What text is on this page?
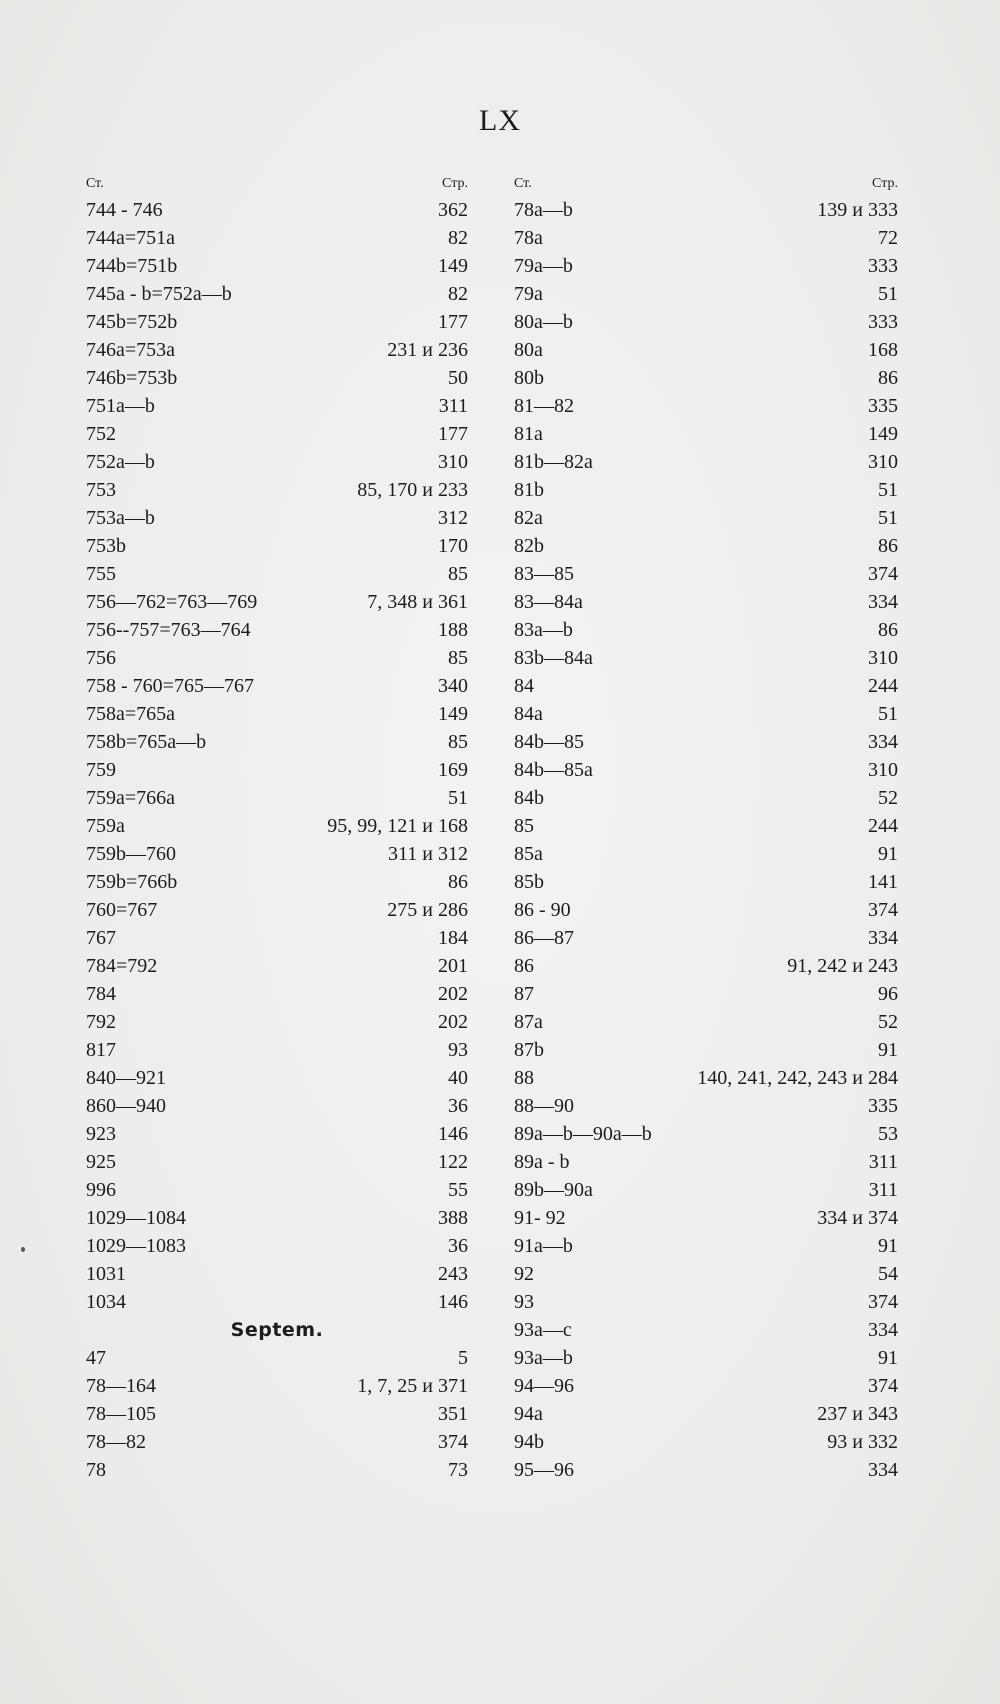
LX
Ст.	Стр.
744 - 746	362
744a=751a	82
744b=751b	149
745a - b=752a—b	82
745b=752b	177
746a=753a	231 и 236
746b=753b	50
751a—b	311
752	177
752a—b	310
753	85, 170 и 233
753a—b	312
753b	170
755	85
756—762=763—769	7, 348 и 361
756--757=763—764	188
756	85
758 - 760=765—767	340
758a=765a	149
758b=765a—b	85
759	169
759a=766a	51
759a	95, 99, 121 и 168
759b—760	311 и 312
759b=766b	86
760=767	275 и 286
767	184
784=792	201
784	202
792	202
817	93
840—921	40
860—940	36
923	146
925	122
996	55
1029—1084	388
1029—1083	36
1031	243
1034	146
Septem.
47	5
78—164	1, 7, 25 и 371
78—105	351
78—82	374
78	73
Ст.	Стр.
78a—b	139 и 333
78a	72
79a—b	333
79a	51
80a—b	333
80a	168
80b	86
81—82	335
81a	149
81b—82a	310
81b	51
82a	51
82b	86
83—85	374
83—84a	334
83a—b	86
83b—84a	310
84	244
84a	51
84b—85	334
84b—85a	310
84b	52
85	244
85a	91
85b	141
86 - 90	374
86—87	334
86	91, 242 и 243
87	96
87a	52
87b	91
88	140, 241, 242, 243 и 284
88—90	335
89a—b—90a—b	53
89a - b	311
89b—90a	311
91- 92	334 и 374
91a—b	91
92	54
93	374
93a—c	334
93a—b	91
94—96	374
94a	237 и 343
94b	93 и 332
95—96	334
